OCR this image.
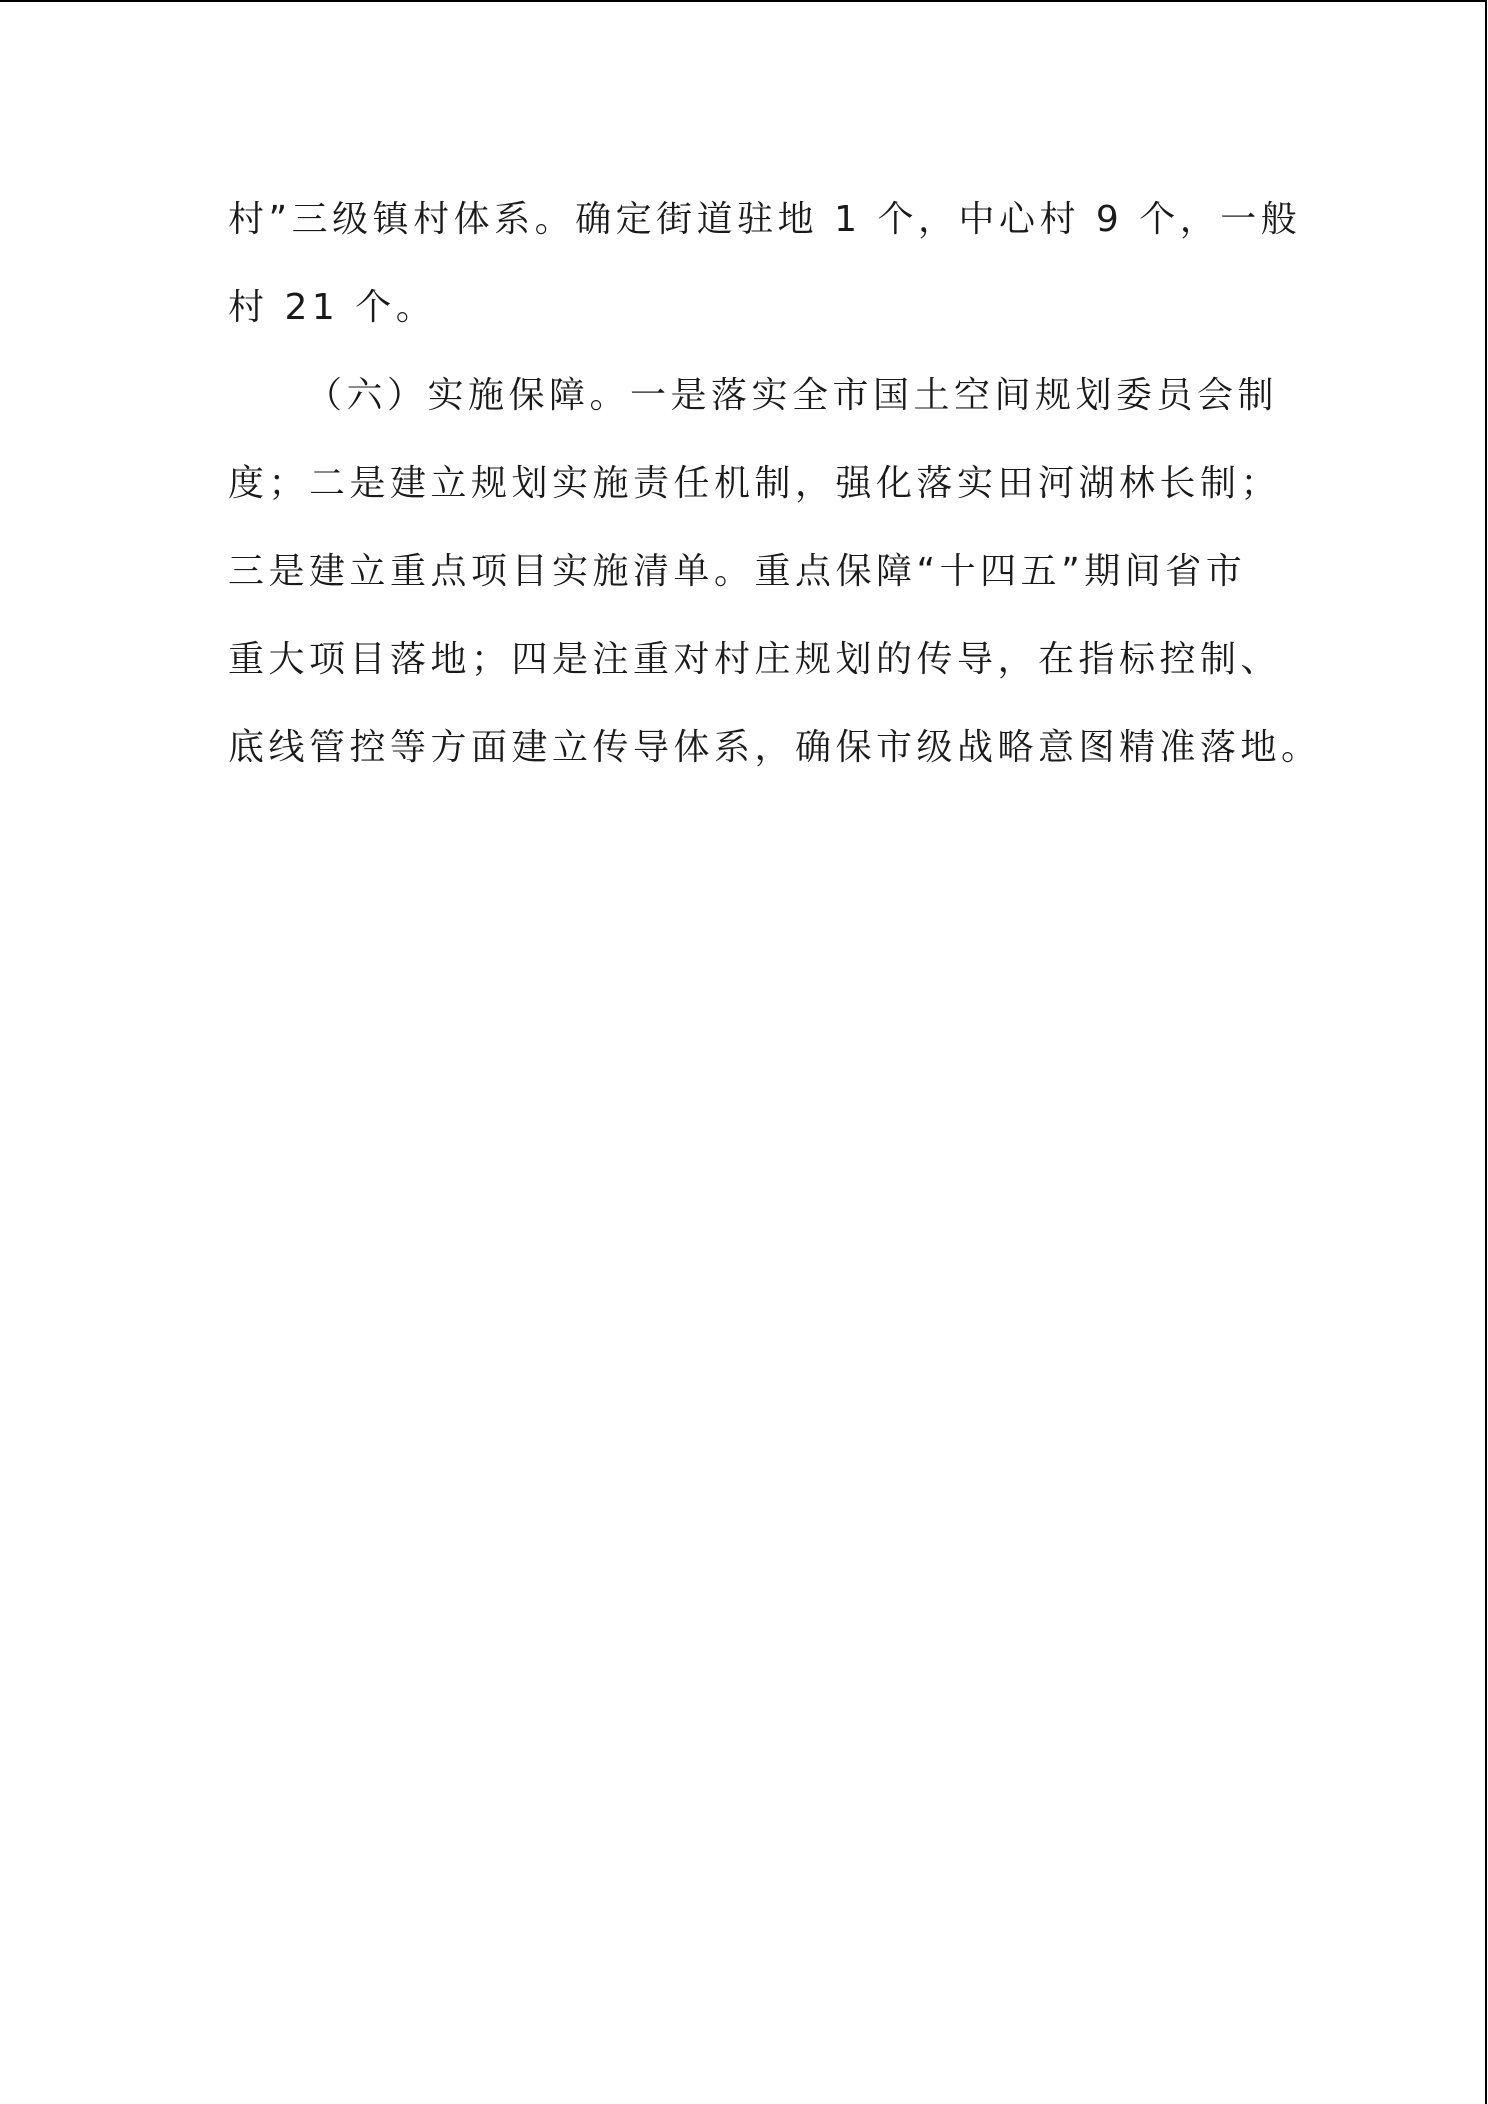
村”三级镇村体系。确定街道驻地 1 个，中心村 9 个，一般
村 21 个。
（六）实施保障。一是落实全市国土空间规划委员会制
度；二是建立规划实施责任机制，强化落实田河湖林长制；
三是建立重点项目实施清单。重点保障“十四五”期间省市
重大项目落地；四是注重对村庄规划的传导，在指标控制、
底线管控等方面建立传导体系，确保市级战略意图精准落地。
